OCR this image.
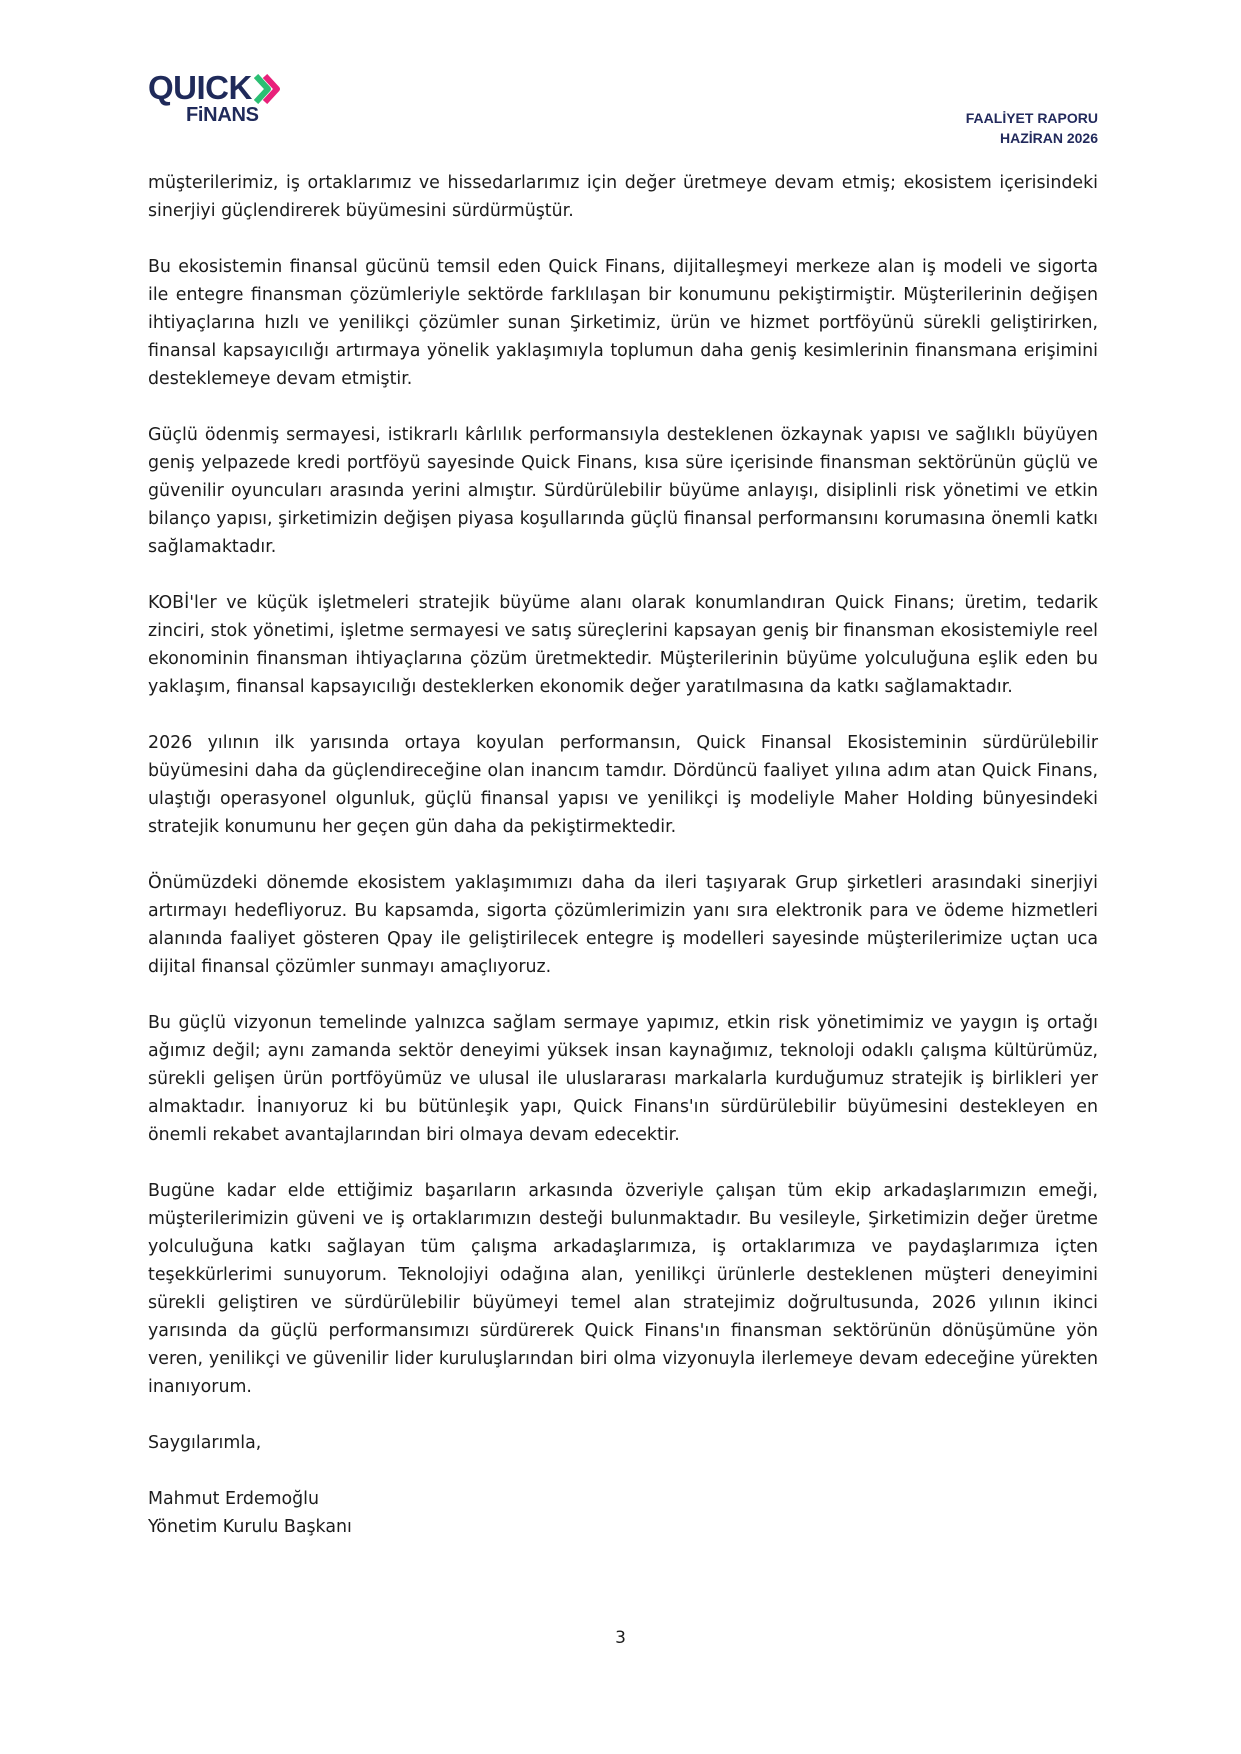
QUICK
FiNANS	FAALİYET RAPORU
HAZİRAN 2026

müşterilerimiz, iş ortaklarımız ve hissedarlarımız için değer üretmeye devam etmiş; ekosistem içerisindeki sinerjiyi güçlendirerek büyümesini sürdürmüştür.

Bu ekosistemin finansal gücünü temsil eden Quick Finans, dijitalleşmeyi merkeze alan iş modeli ve sigorta ile entegre finansman çözümleriyle sektörde farklılaşan bir konumunu pekiştirmiştir. Müşterilerinin değişen ihtiyaçlarına hızlı ve yenilikçi çözümler sunan Şirketimiz, ürün ve hizmet portföyünü sürekli geliştirirken, finansal kapsayıcılığı artırmaya yönelik yaklaşımıyla toplumun daha geniş kesimlerinin finansmana erişimini desteklemeye devam etmiştir.

Güçlü ödenmiş sermayesi, istikrarlı kârlılık performansıyla desteklenen özkaynak yapısı ve sağlıklı büyüyen geniş yelpazede kredi portföyü sayesinde Quick Finans, kısa süre içerisinde finansman sektörünün güçlü ve güvenilir oyuncuları arasında yerini almıştır. Sürdürülebilir büyüme anlayışı, disiplinli risk yönetimi ve etkin bilanço yapısı, şirketimizin değişen piyasa koşullarında güçlü finansal performansını korumasına önemli katkı sağlamaktadır.

KOBİ'ler ve küçük işletmeleri stratejik büyüme alanı olarak konumlandıran Quick Finans; üretim, tedarik zinciri, stok yönetimi, işletme sermayesi ve satış süreçlerini kapsayan geniş bir finansman ekosistemiyle reel ekonominin finansman ihtiyaçlarına çözüm üretmektedir. Müşterilerinin büyüme yolculuğuna eşlik eden bu yaklaşım, finansal kapsayıcılığı desteklerken ekonomik değer yaratılmasına da katkı sağlamaktadır.

2026 yılının ilk yarısında ortaya koyulan performansın, Quick Finansal Ekosisteminin sürdürülebilir büyümesini daha da güçlendireceğine olan inancım tamdır. Dördüncü faaliyet yılına adım atan Quick Finans, ulaştığı operasyonel olgunluk, güçlü finansal yapısı ve yenilikçi iş modeliyle Maher Holding bünyesindeki stratejik konumunu her geçen gün daha da pekiştirmektedir.

Önümüzdeki dönemde ekosistem yaklaşımımızı daha da ileri taşıyarak Grup şirketleri arasındaki sinerjiyi artırmayı hedefliyoruz. Bu kapsamda, sigorta çözümlerimizin yanı sıra elektronik para ve ödeme hizmetleri alanında faaliyet gösteren Qpay ile geliştirilecek entegre iş modelleri sayesinde müşterilerimize uçtan uca dijital finansal çözümler sunmayı amaçlıyoruz.

Bu güçlü vizyonun temelinde yalnızca sağlam sermaye yapımız, etkin risk yönetimimiz ve yaygın iş ortağı ağımız değil; aynı zamanda sektör deneyimi yüksek insan kaynağımız, teknoloji odaklı çalışma kültürümüz, sürekli gelişen ürün portföyümüz ve ulusal ile uluslararası markalarla kurduğumuz stratejik iş birlikleri yer almaktadır. İnanıyoruz ki bu bütünleşik yapı, Quick Finans'ın sürdürülebilir büyümesini destekleyen en önemli rekabet avantajlarından biri olmaya devam edecektir.

Bugüne kadar elde ettiğimiz başarıların arkasında özveriyle çalışan tüm ekip arkadaşlarımızın emeği, müşterilerimizin güveni ve iş ortaklarımızın desteği bulunmaktadır. Bu vesileyle, Şirketimizin değer üretme yolculuğuna katkı sağlayan tüm çalışma arkadaşlarımıza, iş ortaklarımıza ve paydaşlarımıza içten teşekkürlerimi sunuyorum. Teknolojiyi odağına alan, yenilikçi ürünlerle desteklenen müşteri deneyimini sürekli geliştiren ve sürdürülebilir büyümeyi temel alan stratejimiz doğrultusunda, 2026 yılının ikinci yarısında da güçlü performansımızı sürdürerek Quick Finans'ın finansman sektörünün dönüşümüne yön veren, yenilikçi ve güvenilir lider kuruluşlarından biri olma vizyonuyla ilerlemeye devam edeceğine yürekten inanıyorum.

Saygılarımla,

Mahmut Erdemoğlu

Yönetim Kurulu Başkanı

3
